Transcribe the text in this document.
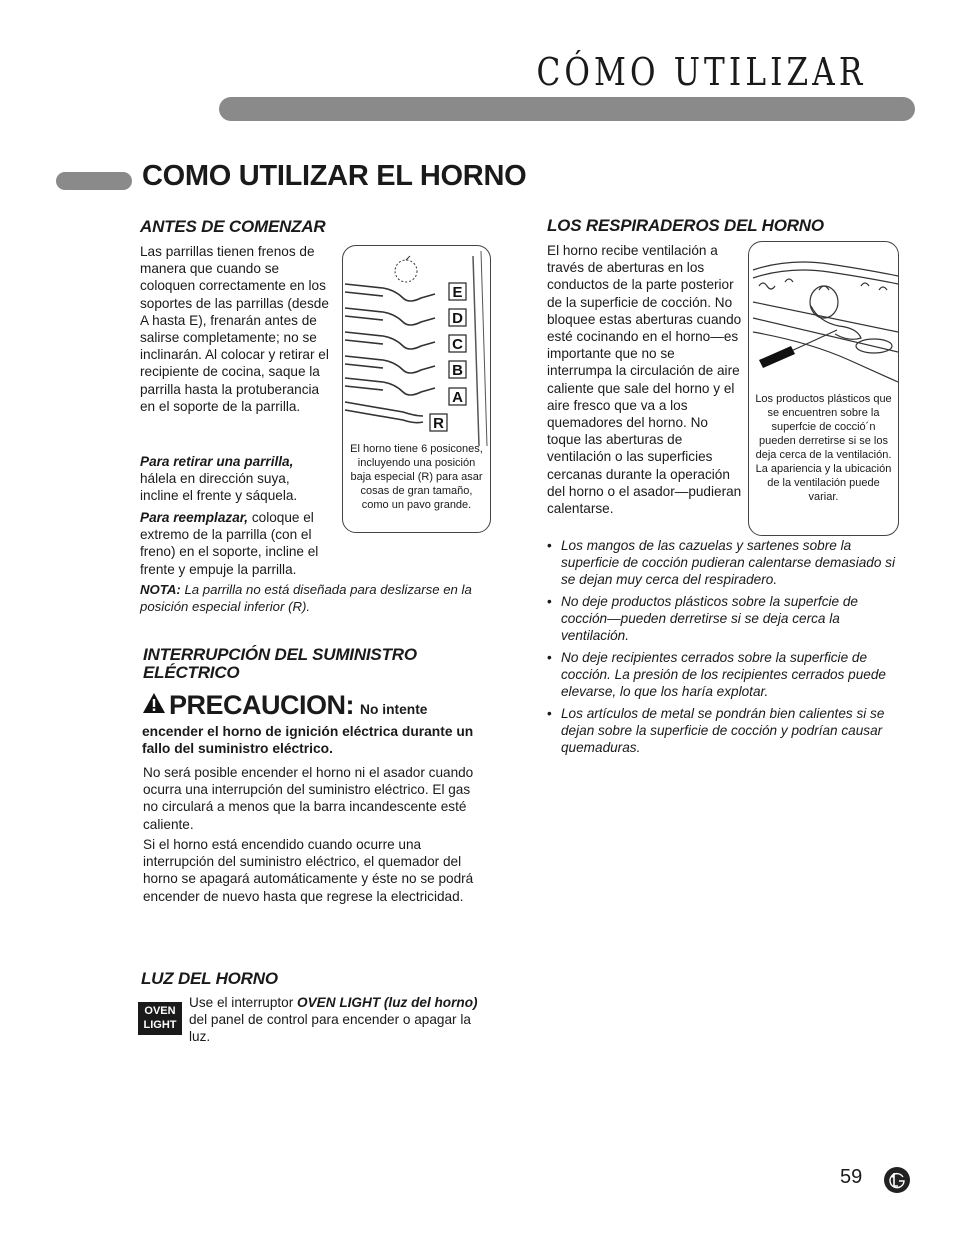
CÓMO UTILIZAR
COMO UTILIZAR EL HORNO
ANTES DE COMENZAR
Las parrillas tienen frenos de manera que cuando se coloquen correctamente en los soportes de las parrillas (desde A hasta E), frenarán antes de salirse completamente; no se inclinarán. Al colocar y retirar el recipiente de cocina, saque la parrilla hasta la protuberancia en el soporte de la parrilla.
Para retirar una parrilla, hálela en dirección suya, incline el frente y sáquela.
Para reemplazar, coloque el extremo de la parrilla (con el freno) en el soporte, incline el frente y empuje la parrilla.
NOTA: La parrilla no está diseñada para deslizarse en la posición especial inferior (R).
E
D
C
B
A
R
El horno tiene 6 posicones, incluyendo una posición baja especial (R) para asar cosas de gran tamaño, como un pavo grande.
INTERRUPCIÓN DEL SUMINISTRO
ELÉCTRICO
PRECAUCION: No intente
encender el horno de ignición eléctrica durante un fallo del suministro eléctrico.
No será posible encender el horno ni el asador cuando ocurra una interrupción del suministro eléctrico. El gas no circulará a menos que la barra incandescente esté caliente.
Si el horno está encendido cuando ocurre una interrupción del suministro eléctrico, el quemador del horno se apagará automáticamente y éste no se podrá encender de nuevo hasta que regrese la electricidad.
LUZ DEL HORNO
OVEN
LIGHT
Use el interruptor OVEN LIGHT (luz del horno) del panel de control para encender o apagar la luz.
LOS RESPIRADEROS DEL HORNO
El horno recibe ventilación a través de aberturas en los conductos de la parte posterior de la superficie de cocción. No bloquee estas aberturas cuando esté cocinando en el horno—es importante que no se interrumpa la circulación de aire caliente que sale del horno y el aire fresco que va a los quemadores del horno. No toque las aberturas de ventilación o las superficies cercanas durante la operación del horno o el asador—pudieran calentarse.
Los productos plásticos que se encuentren sobre la superfcie de cocció´n pueden derretirse si se los deja cerca de la ventilación. La apariencia y la ubicación de la ventilación puede variar.
• Los mangos de las cazuelas y sartenes sobre la superficie de cocción pudieran calentarse demasiado si se dejan muy cerca del respiradero.
• No deje productos plásticos sobre la superfcie de cocción—pueden derretirse si se deja cerca la ventilación.
• No deje recipientes cerrados sobre la superficie de cocción. La presión de los recipientes cerrados puede elevarse, lo que los haría explotar.
• Los artículos de metal se pondrán bien calientes si se dejan sobre la superficie de cocción y podrían causar quemaduras.
59
